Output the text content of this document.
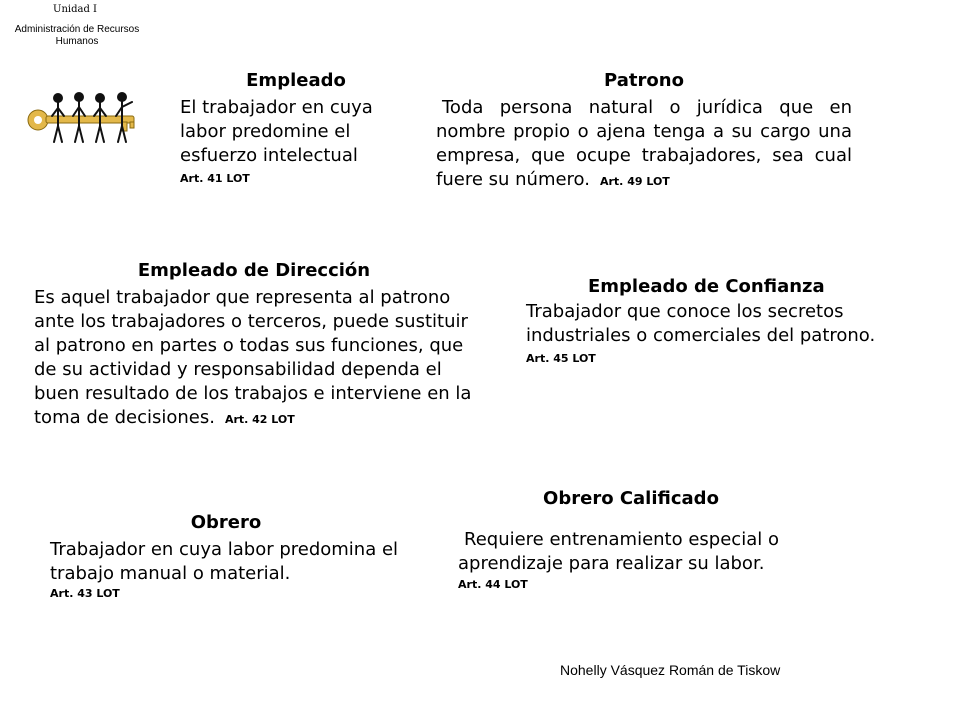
Unidad I
Administración de Recursos Humanos
Empleado
El trabajador en cuya labor predomine el esfuerzo intelectual
Art. 41 LOT
Patrono
Toda persona natural o jurídica que en nombre propio o ajena tenga a su cargo una empresa, que ocupe trabajadores, sea cual fuere su número. Art. 49 LOT
Empleado de Dirección
Es aquel trabajador que representa al patrono ante los trabajadores o terceros, puede sustituir al patrono en partes o todas sus funciones, que de su actividad y responsabilidad dependa el buen resultado de los trabajos e interviene en la toma de decisiones. Art. 42 LOT
Empleado de Confianza
Trabajador que conoce los secretos industriales o comerciales del patrono.
Art. 45 LOT
Obrero Calificado
Requiere entrenamiento especial o aprendizaje para realizar su labor.
Art. 44 LOT
Obrero
Trabajador en cuya labor predomina el trabajo manual o material.
Art. 43 LOT
Nohelly Vásquez Román de Tiskow
